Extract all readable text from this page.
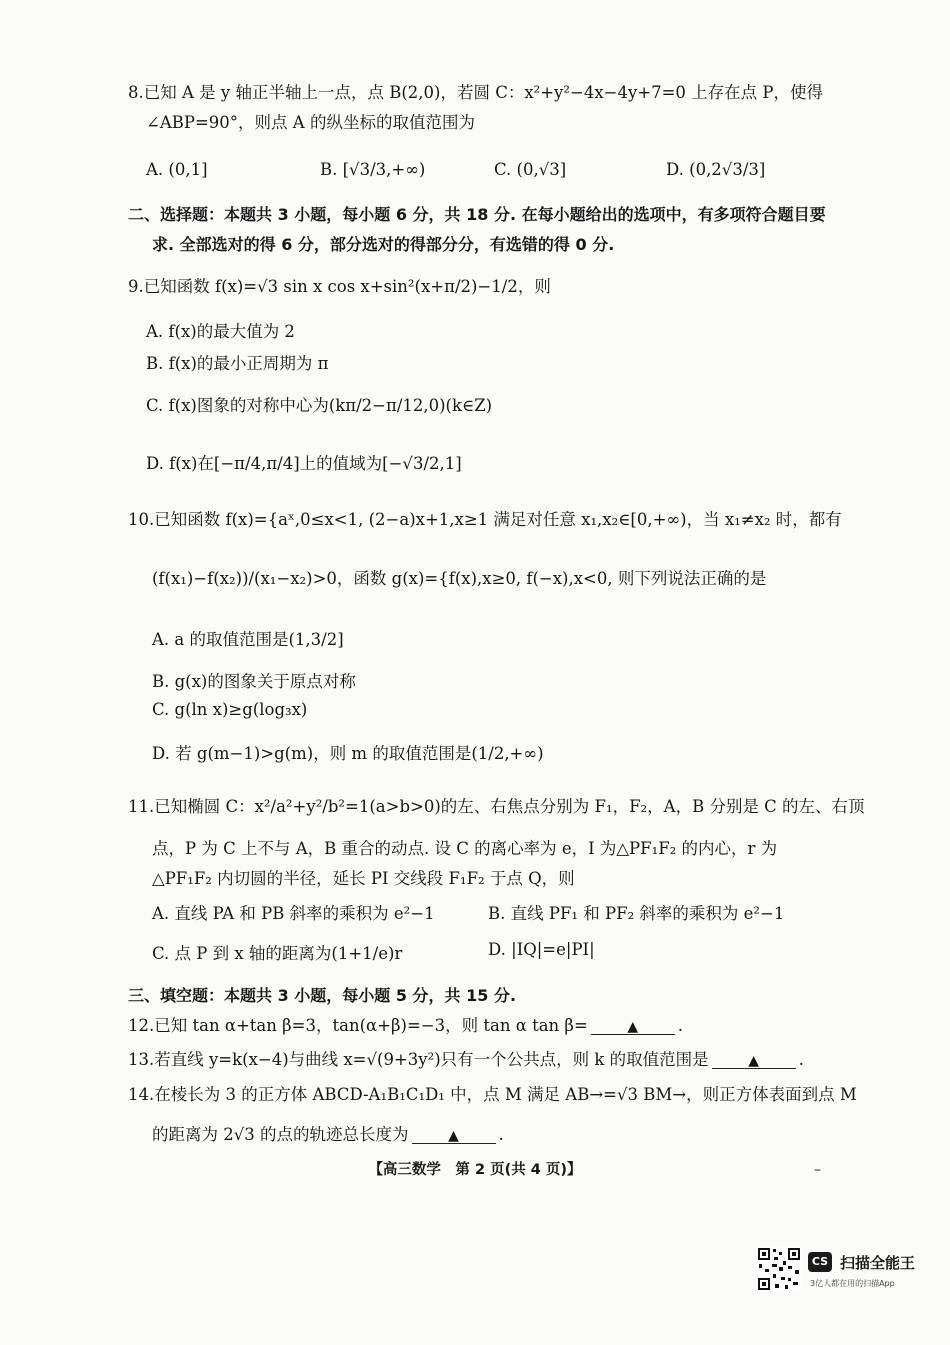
8.已知 A 是 y 轴正半轴上一点，点 B(2,0)，若圆 C：x²+y²−4x−4y+7=0 上存在点 P，使得
∠ABP=90°，则点 A 的纵坐标的取值范围为
A. (0,1]	B. [√3/3,+∞)	C. (0,√3]	D. (0,2√3/3]
二、选择题：本题共 3 小题，每小题 6 分，共 18 分. 在每小题给出的选项中，有多项符合题目要
求. 全部选对的得 6 分，部分选对的得部分分，有选错的得 0 分.
9.已知函数 f(x)=√3 sin x cos x+sin²(x+π/2)−1/2，则
A. f(x)的最大值为 2
B. f(x)的最小正周期为 π
C. f(x)图象的对称中心为(kπ/2−π/12,0)(k∈Z)
D. f(x)在[−π/4,π/4]上的值域为[−√3/2,1]
10.已知函数 f(x)={aˣ,0≤x<1, (2−a)x+1,x≥1 满足对任意 x₁,x₂∈[0,+∞)，当 x₁≠x₂ 时，都有
(f(x₁)−f(x₂))/(x₁−x₂)>0，函数 g(x)={f(x),x≥0, f(−x),x<0, 则下列说法正确的是
A. a 的取值范围是(1,3/2]
B. g(x)的图象关于原点对称
C. g(ln x)≥g(log₃x)
D. 若 g(m−1)>g(m)，则 m 的取值范围是(1/2,+∞)
11.已知椭圆 C：x²/a²+y²/b²=1(a>b>0)的左、右焦点分别为 F₁，F₂，A，B 分别是 C 的左、右顶
点，P 为 C 上不与 A，B 重合的动点. 设 C 的离心率为 e，I 为△PF₁F₂ 的内心，r 为
△PF₁F₂ 内切圆的半径，延长 PI 交线段 F₁F₂ 于点 Q，则
A. 直线 PA 和 PB 斜率的乘积为 e²−1	B. 直线 PF₁ 和 PF₂ 斜率的乘积为 e²−1
C. 点 P 到 x 轴的距离为(1+1/e)r	D. |IQ|=e|PI|
三、填空题：本题共 3 小题，每小题 5 分，共 15 分.
12.已知 tan α+tan β=3，tan(α+β)=−3，则 tan α tan β=	▲ .
13.若直线 y=k(x−4)与曲线 x=√(9+3y²)只有一个公共点，则 k 的取值范围是	▲ .
14.在棱长为 3 的正方体 ABCD-A₁B₁C₁D₁ 中，点 M 满足 AB→=√3 BM→，则正方体表面到点 M
的距离为 2√3 的点的轨迹总长度为	▲ .
【高三数学　第 2 页(共 4 页)】	–
CS 扫描全能王
3亿人都在用的扫描App
